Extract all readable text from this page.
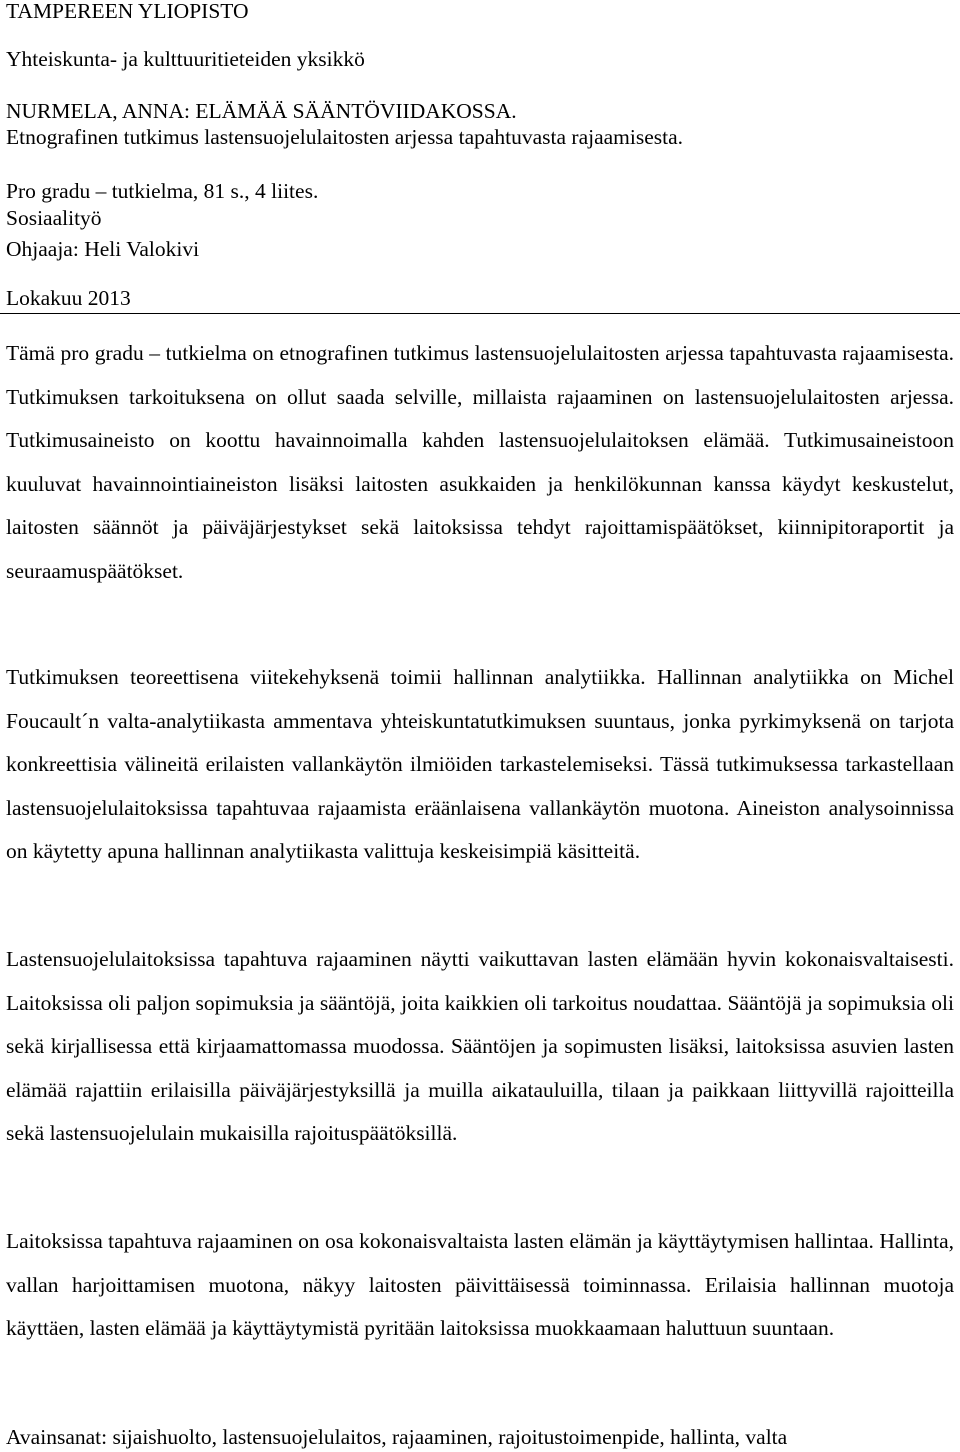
TAMPEREEN YLIOPISTO
Yhteiskunta- ja kulttuuritieteiden yksikkö
NURMELA, ANNA: ELÄMÄÄ SÄÄNTÖVIIDAKOSSA.
Etnografinen tutkimus lastensuojelulaitosten arjessa tapahtuvasta rajaamisesta.
Pro gradu – tutkielma, 81 s., 4 liites.
Sosiaalityö
Ohjaaja: Heli Valokivi
Lokakuu 2013
Tämä pro gradu – tutkielma on etnografinen tutkimus lastensuojelulaitosten arjessa tapahtuvasta rajaamisesta. Tutkimuksen tarkoituksena on ollut saada selville, millaista rajaaminen on lastensuojelulaitosten arjessa. Tutkimusaineisto on koottu havainnoimalla kahden lastensuojelulaitoksen elämää. Tutkimusaineistoon kuuluvat havainnointiaineiston lisäksi laitosten asukkaiden ja henkilökunnan kanssa käydyt keskustelut, laitosten säännöt ja päiväjärjestykset sekä laitoksissa tehdyt rajoittamispäätökset, kiinnipitoraportit ja seuraamuspäätökset.
Tutkimuksen teoreettisena viitekehyksenä toimii hallinnan analytiikka. Hallinnan analytiikka on Michel Foucault´n valta-analytiikasta ammentava yhteiskuntatutkimuksen suuntaus, jonka pyrkimyksenä on tarjota konkreettisia välineitä erilaisten vallankäytön ilmiöiden tarkastelemiseksi. Tässä tutkimuksessa tarkastellaan lastensuojelulaitoksissa tapahtuvaa rajaamista eräänlaisena vallankäytön muotona. Aineiston analysoinnissa on käytetty apuna hallinnan analytiikasta valittuja keskeisimpiä käsitteitä.
Lastensuojelulaitoksissa tapahtuva rajaaminen näytti vaikuttavan lasten elämään hyvin kokonaisvaltaisesti. Laitoksissa oli paljon sopimuksia ja sääntöjä, joita kaikkien oli tarkoitus noudattaa. Sääntöjä ja sopimuksia oli sekä kirjallisessa että kirjaamattomassa muodossa. Sääntöjen ja sopimusten lisäksi, laitoksissa asuvien lasten elämää rajattiin erilaisilla päiväjärjestyksillä ja muilla aikatauluilla, tilaan ja paikkaan liittyvillä rajoitteilla sekä lastensuojelulain mukaisilla rajoituspäätöksillä.
Laitoksissa tapahtuva rajaaminen on osa kokonaisvaltaista lasten elämän ja käyttäytymisen hallintaa. Hallinta, vallan harjoittamisen muotona, näkyy laitosten päivittäisessä toiminnassa. Erilaisia hallinnan muotoja käyttäen, lasten elämää ja käyttäytymistä pyritään laitoksissa muokkaamaan haluttuun suuntaan.
Avainsanat: sijaishuolto, lastensuojelulaitos, rajaaminen, rajoitustoimenpide, hallinta, valta
